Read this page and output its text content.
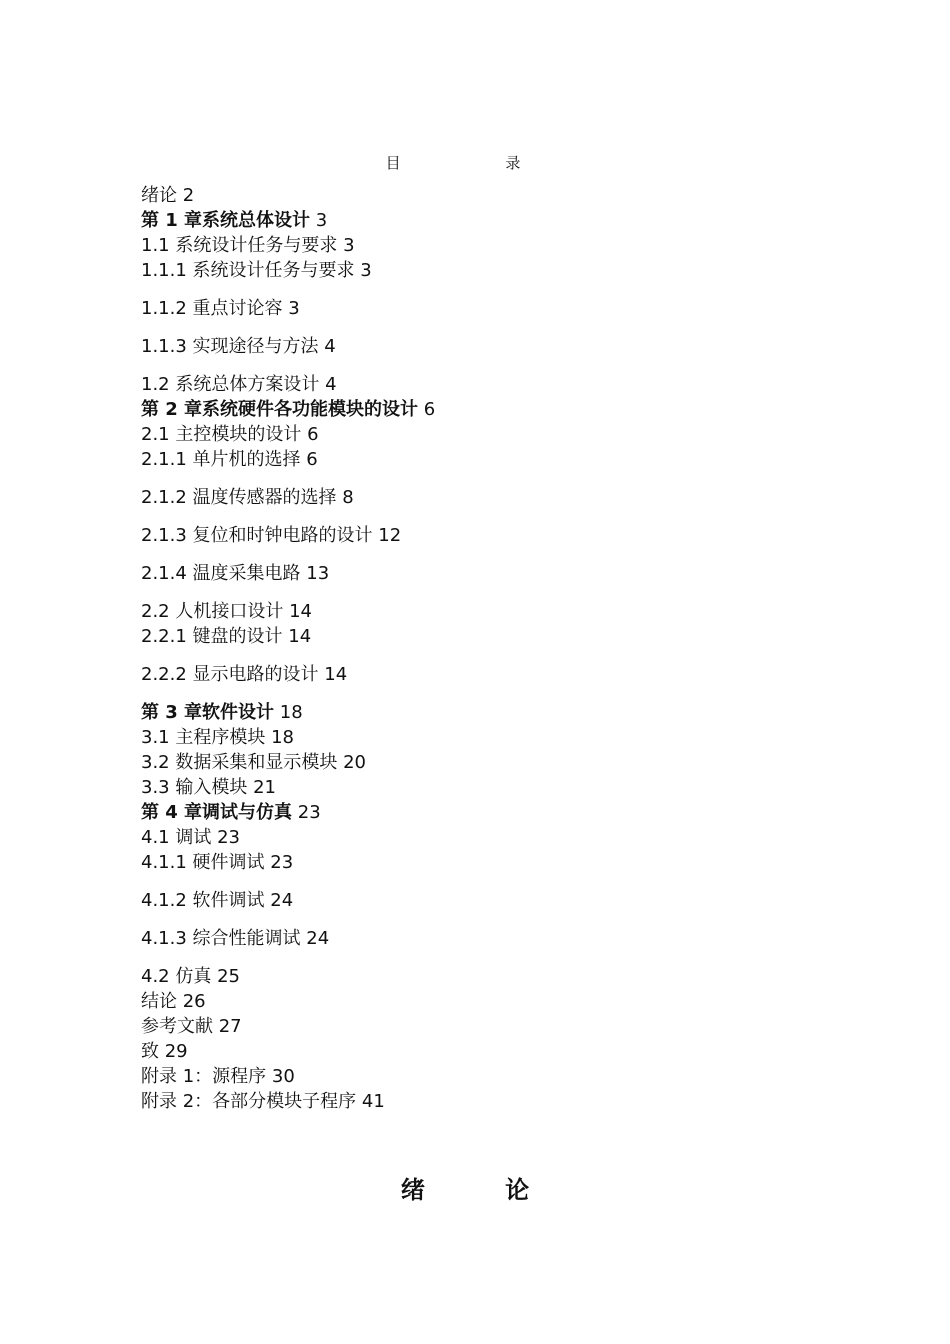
目 录
绪论 2
第 1 章系统总体设计 3
1.1 系统设计任务与要求 3
1.1.1 系统设计任务与要求 3
1.1.2 重点讨论容 3
1.1.3 实现途径与方法 4
1.2 系统总体方案设计 4
第 2 章系统硬件各功能模块的设计 6
2.1 主控模块的设计 6
2.1.1 单片机的选择 6
2.1.2 温度传感器的选择 8
2.1.3 复位和时钟电路的设计 12
2.1.4 温度采集电路 13
2.2 人机接口设计 14
2.2.1 键盘的设计 14
2.2.2 显示电路的设计 14
第 3 章软件设计 18
3.1 主程序模块 18
3.2 数据采集和显示模块 20
3.3 输入模块 21
第 4 章调试与仿真 23
4.1 调试 23
4.1.1 硬件调试 23
4.1.2 软件调试 24
4.1.3 综合性能调试 24
4.2 仿真 25
结论 26
参考文献 27
致 29
附录 1：源程序 30
附录 2：各部分模块子程序 41
绪 论
